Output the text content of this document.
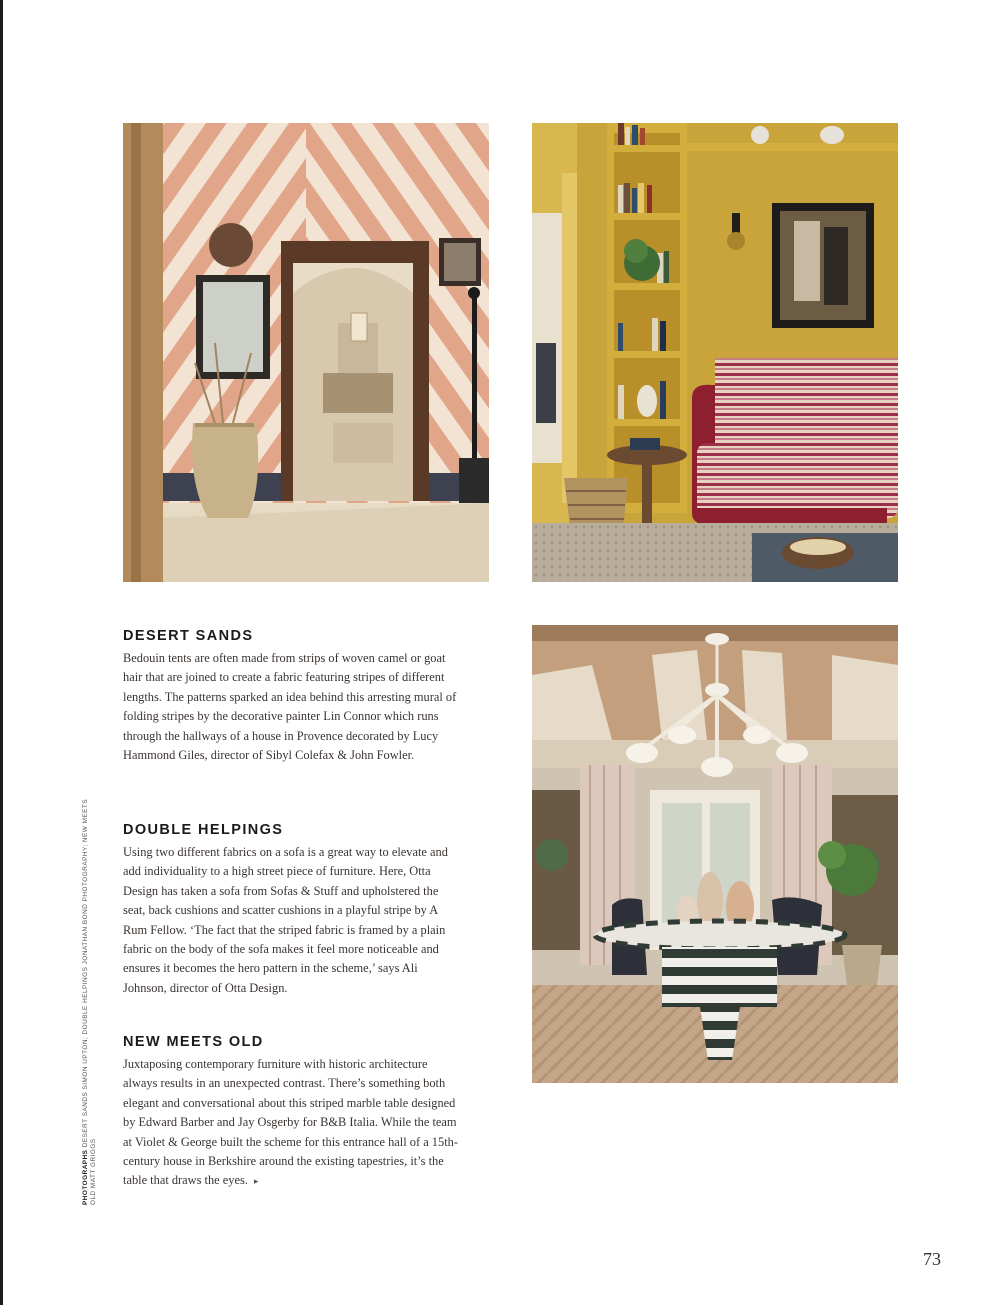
DESERT SANDS

Bedouin tents are often made from strips of woven camel or goat hair that are joined to create a fabric featuring stripes of different lengths. The patterns sparked an idea behind this arresting mural of folding stripes by the decorative painter Lin Connor which runs through the hallways of a house in Provence decorated by Lucy Hammond Giles, director of Sibyl Colefax & John Fowler.

DOUBLE HELPINGS

Using two different fabrics on a sofa is a great way to elevate and add individuality to a high street piece of furniture. Here, Otta Design has taken a sofa from Sofas & Stuff and upholstered the seat, back cushions and scatter cushions in a playful stripe by A Rum Fellow. ‘The fact that the striped fabric is framed by a plain fabric on the body of the sofa makes it feel more noticeable and ensures it becomes the hero pattern in the scheme,’ says Ali Johnson, director of Otta Design.

NEW MEETS OLD

Juxtaposing contemporary furniture with historic architecture always results in an unexpected contrast. There’s something both elegant and conversational about this striped marble table designed by Edward Barber and Jay Osgerby for B&B Italia. While the team at Violet & George built the scheme for this entrance hall of a 15th-century house in Berkshire around the existing tapestries, it’s the table that draws the eyes. ▸

PHOTOGRAPHS DESERT SANDS SIMON UPTON; DOUBLE HELPINGS JONATHAN BOND PHOTOGRAPHY; NEW MEETS OLD MATT GRIGGS
73
